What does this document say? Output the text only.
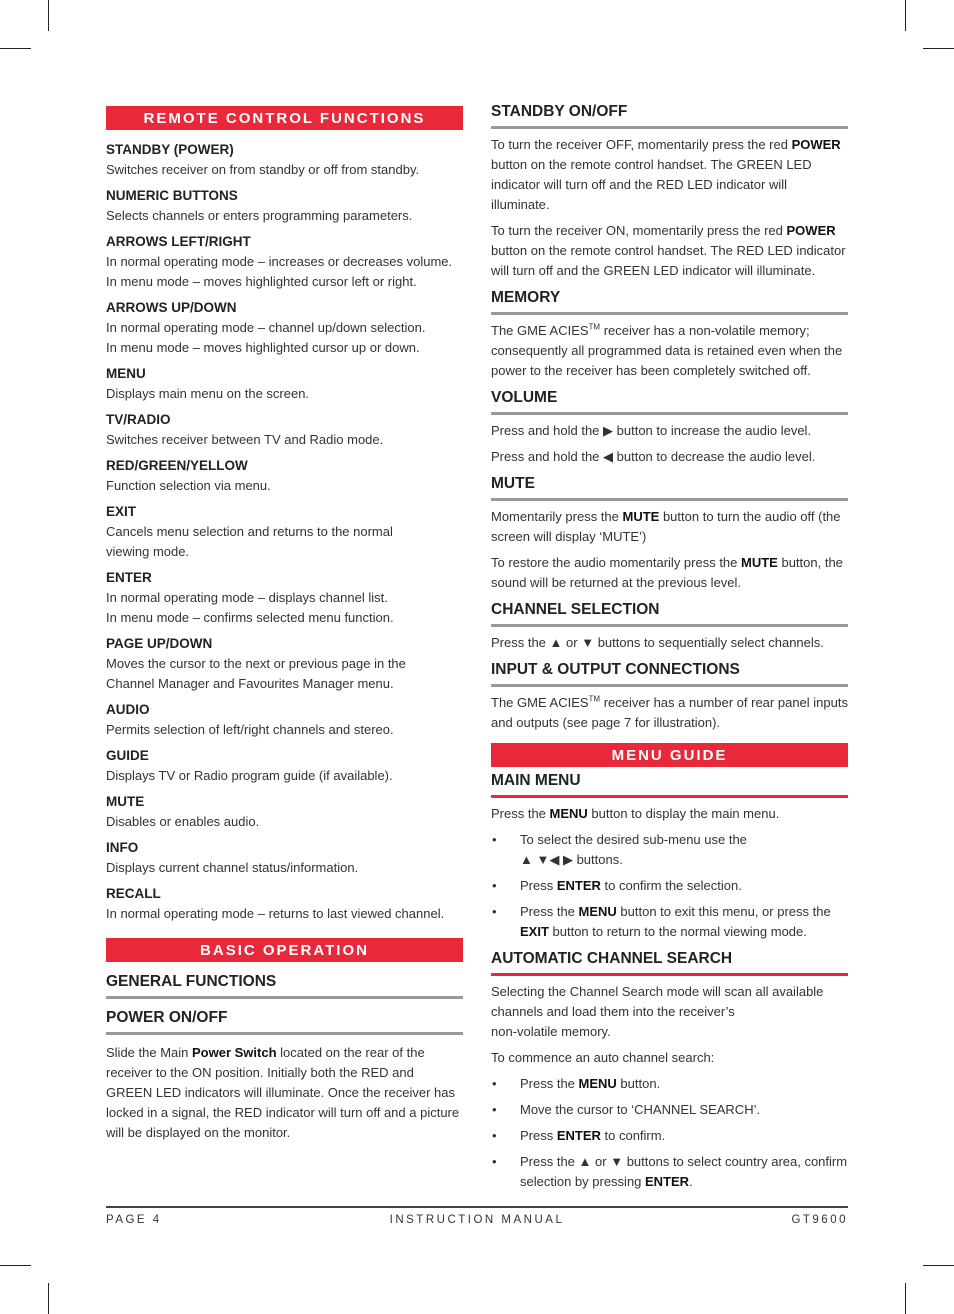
REMOTE CONTROL FUNCTIONS
STANDBY (POWER)
Switches receiver on from standby or off from standby.
NUMERIC BUTTONS
Selects channels or enters programming parameters.
ARROWS LEFT/RIGHT
In normal operating mode – increases or decreases volume.
In menu mode – moves highlighted cursor left or right.
ARROWS UP/DOWN
In normal operating mode – channel up/down selection.
In menu mode – moves highlighted cursor up or down.
MENU
Displays main menu on the screen.
TV/RADIO
Switches receiver between TV and Radio mode.
RED/GREEN/YELLOW
Function selection via menu.
EXIT
Cancels menu selection and returns to the normal
viewing mode.
ENTER
In normal operating mode – displays channel list.
In menu mode – confirms selected menu function.
PAGE UP/DOWN
Moves the cursor to the next or previous page in the
Channel Manager and Favourites Manager menu.
AUDIO
Permits selection of left/right channels and stereo.
GUIDE
Displays TV or Radio program guide (if available).
MUTE
Disables or enables audio.
INFO
Displays current channel status/information.
RECALL
In normal operating mode – returns to last viewed channel.
BASIC OPERATION
GENERAL FUNCTIONS
POWER ON/OFF

Slide the Main Power Switch located on the rear of the receiver to the ON position. Initially both the RED and GREEN LED indicators will illuminate. Once the receiver has locked in a signal, the RED indicator will turn off and a picture will be displayed on the monitor.

STANDBY ON/OFF

To turn the receiver OFF, momentarily press the red POWER button on the remote control handset. The GREEN LED indicator will turn off and the RED LED indicator will illuminate.

To turn the receiver ON, momentarily press the red POWER button on the remote control handset. The RED LED indicator will turn off and the GREEN LED indicator will illuminate.

MEMORY

The GME ACIES™ receiver has a non-volatile memory; consequently all programmed data is retained even when the power to the receiver has been completely switched off.

VOLUME

Press and hold the ▶ button to increase the audio level.

Press and hold the ◀ button to decrease the audio level.

MUTE

Momentarily press the MUTE button to turn the audio off (the screen will display ‘MUTE’)

To restore the audio momentarily press the MUTE button, the sound will be returned at the previous level.

CHANNEL SELECTION

Press the ▲ or ▼ buttons to sequentially select channels.

INPUT & OUTPUT CONNECTIONS

The GME ACIES™ receiver has a number of rear panel inputs and outputs (see page 7 for illustration).

MENU GUIDE
MAIN MENU

Press the MENU button to display the main menu.

• To select the desired sub-menu use the
▲ ▼◀ ▶ buttons.
• Press ENTER to confirm the selection.
• Press the MENU button to exit this menu, or press the EXIT button to return to the normal viewing mode.
AUTOMATIC CHANNEL SEARCH

Selecting the Channel Search mode will scan all available channels and load them into the receiver’s
non-volatile memory.

To commence an auto channel search:

• Press the MENU button.
• Move the cursor to ‘CHANNEL SEARCH’.
• Press ENTER to confirm.
• Press the ▲ or ▼ buttons to select country area, confirm selection by pressing ENTER.
PAGE 4	INSTRUCTION MANUAL	GT9600
